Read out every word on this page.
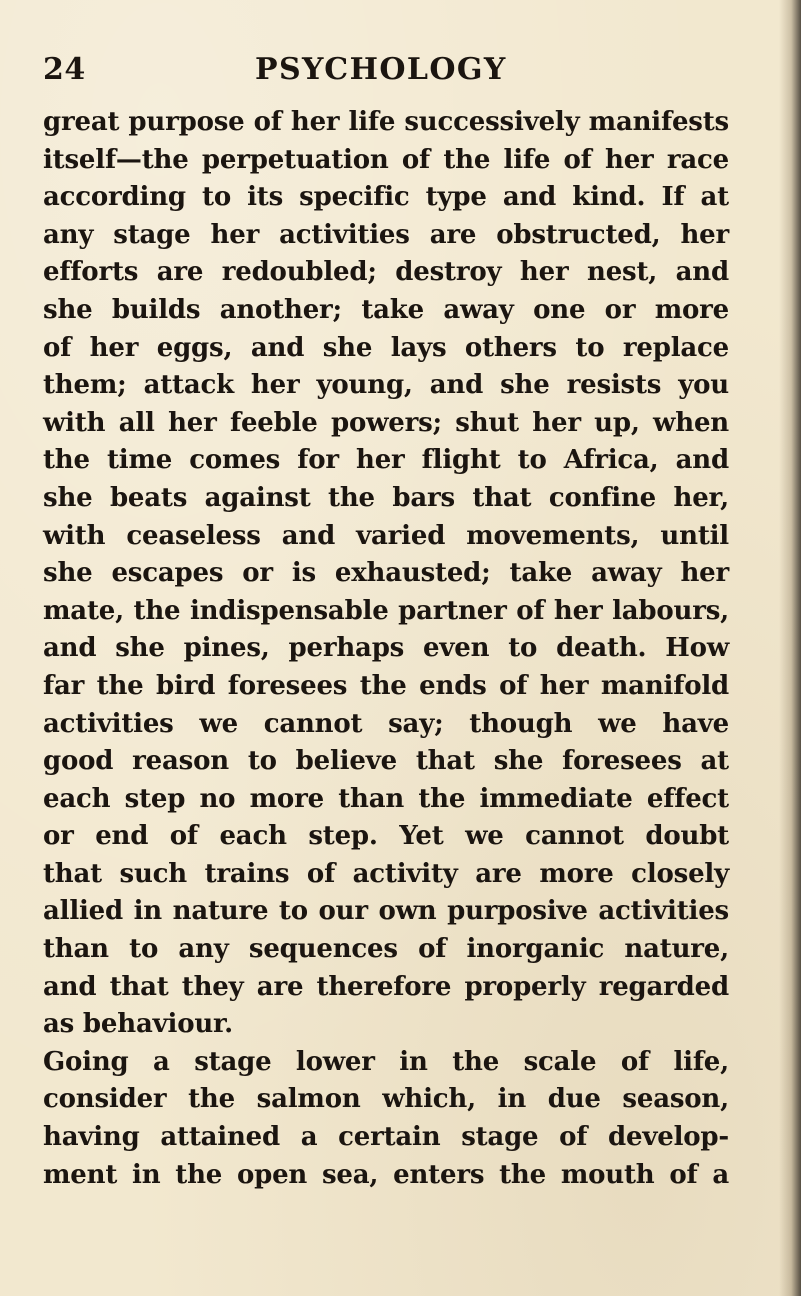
24	PSYCHOLOGY
great purpose of her life successively manifests
itself—the perpetuation of the life of her race
according to its specific type and kind. If at
any stage her activities are obstructed, her
efforts are redoubled; destroy her nest, and
she builds another; take away one or more
of her eggs, and she lays others to replace
them; attack her young, and she resists you
with all her feeble powers; shut her up, when
the time comes for her flight to Africa, and
she beats against the bars that confine her,
with ceaseless and varied movements, until
she escapes or is exhausted; take away her
mate, the indispensable partner of her labours,
and she pines, perhaps even to death. How
far the bird foresees the ends of her manifold
activities we cannot say; though we have
good reason to believe that she foresees at
each step no more than the immediate effect
or end of each step. Yet we cannot doubt
that such trains of activity are more closely
allied in nature to our own purposive activities
than to any sequences of inorganic nature,
and that they are therefore properly regarded
as behaviour.
Going a stage lower in the scale of life,
consider the salmon which, in due season,
having attained a certain stage of develop-
ment in the open sea, enters the mouth of a
